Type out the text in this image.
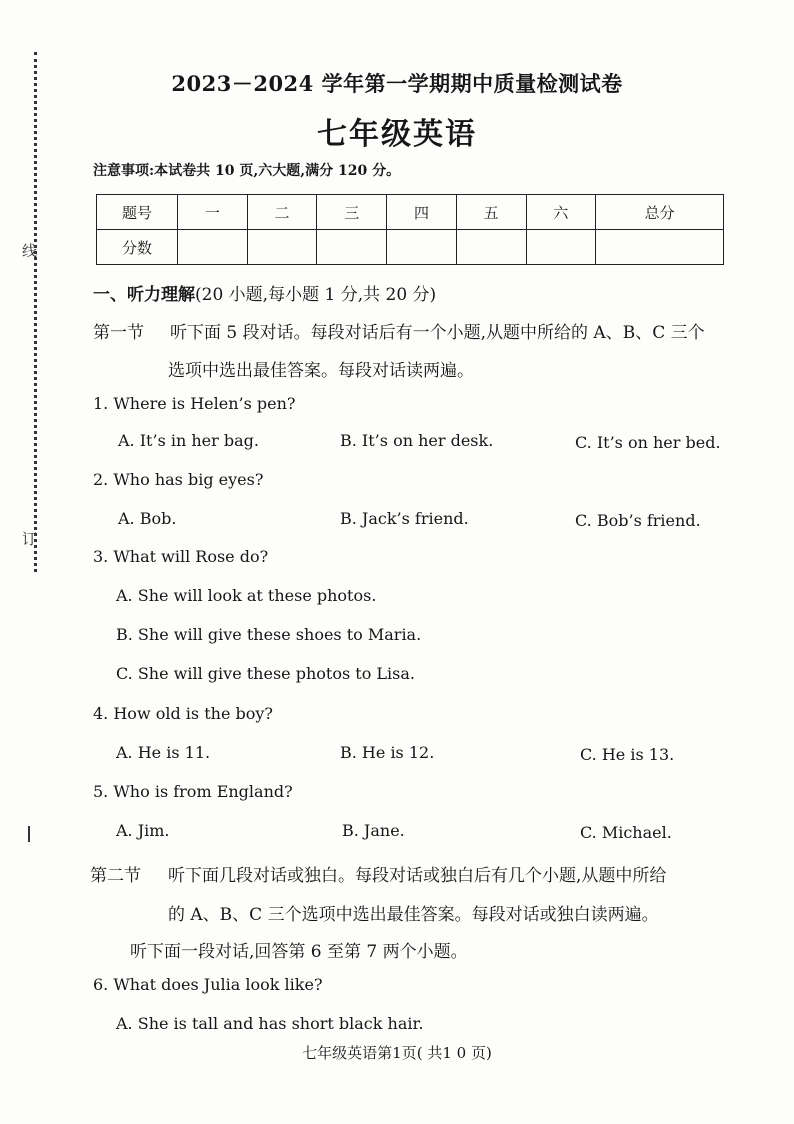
线
订
2023－2024 学年第一学期期中质量检测试卷
七年级英语
注意事项:本试卷共 10 页,六大题,满分 120 分。
题号	一	二	三	四	五	六	总分
分数							
一、听力理解(20 小题,每小题 1 分,共 20 分)
第一节 听下面 5 段对话。每段对话后有一个小题,从题中所给的 A、B、C 三个
选项中选出最佳答案。每段对话读两遍。
1. Where is Helen’s pen?
A. It’s in her bag.	B. It’s on her desk.	C. It’s on her bed.
2. Who has big eyes?
A. Bob.	B. Jack’s friend.	C. Bob’s friend.
3. What will Rose do?
A. She will look at these photos.
B. She will give these shoes to Maria.
C. She will give these photos to Lisa.
4. How old is the boy?
A. He is 11.	B. He is 12.	C. He is 13.
5. Who is from England?
A. Jim.	B. Jane.	C. Michael.
第二节 听下面几段对话或独白。每段对话或独白后有几个小题,从题中所给
的 A、B、C 三个选项中选出最佳答案。每段对话或独白读两遍。
听下面一段对话,回答第 6 至第 7 两个小题。
6. What does Julia look like?
A. She is tall and has short black hair.
七年级英语第1页( 共1 0 页)
